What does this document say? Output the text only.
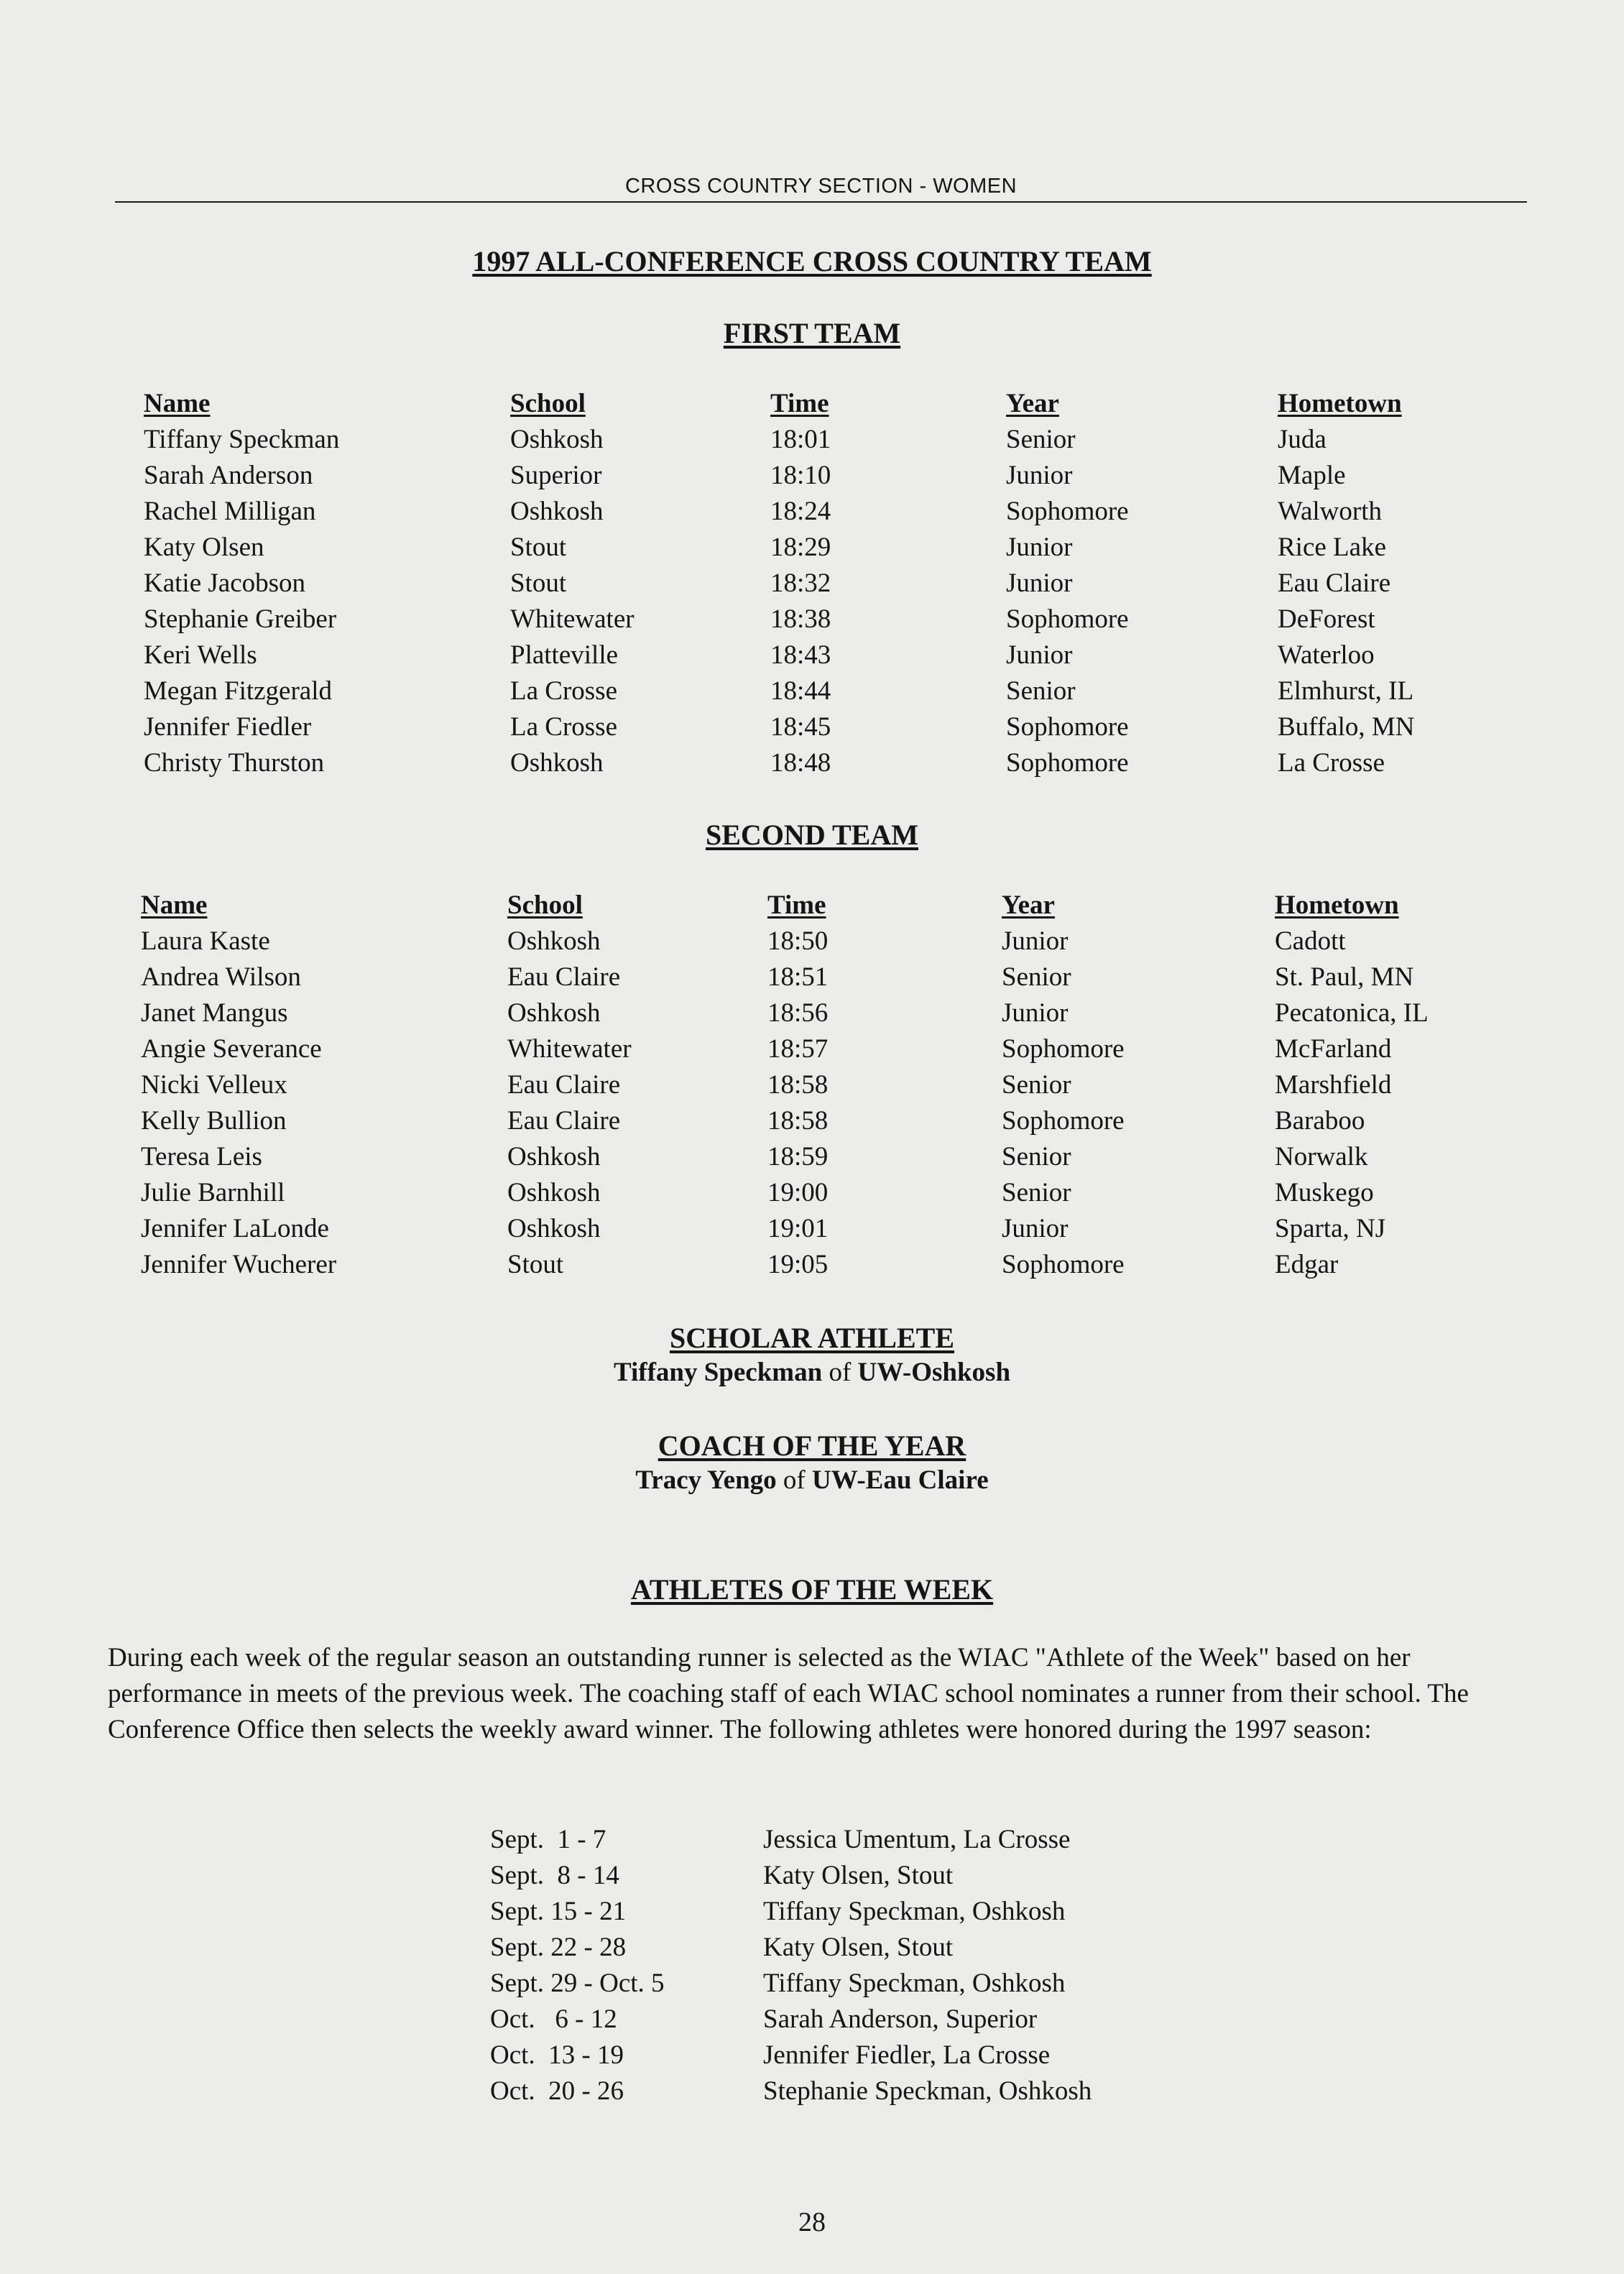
CROSS COUNTRY SECTION - WOMEN
1997 ALL-CONFERENCE CROSS COUNTRY TEAM
FIRST TEAM
Name	School	Time	Year	Hometown
Tiffany Speckman	Oshkosh	18:01	Senior	Juda
Sarah Anderson	Superior	18:10	Junior	Maple
Rachel Milligan	Oshkosh	18:24	Sophomore	Walworth
Katy Olsen	Stout	18:29	Junior	Rice Lake
Katie Jacobson	Stout	18:32	Junior	Eau Claire
Stephanie Greiber	Whitewater	18:38	Sophomore	DeForest
Keri Wells	Platteville	18:43	Junior	Waterloo
Megan Fitzgerald	La Crosse	18:44	Senior	Elmhurst, IL
Jennifer Fiedler	La Crosse	18:45	Sophomore	Buffalo, MN
Christy Thurston	Oshkosh	18:48	Sophomore	La Crosse
SECOND TEAM
Name	School	Time	Year	Hometown
Laura Kaste	Oshkosh	18:50	Junior	Cadott
Andrea Wilson	Eau Claire	18:51	Senior	St. Paul, MN
Janet Mangus	Oshkosh	18:56	Junior	Pecatonica, IL
Angie Severance	Whitewater	18:57	Sophomore	McFarland
Nicki Velleux	Eau Claire	18:58	Senior	Marshfield
Kelly Bullion	Eau Claire	18:58	Sophomore	Baraboo
Teresa Leis	Oshkosh	18:59	Senior	Norwalk
Julie Barnhill	Oshkosh	19:00	Senior	Muskego
Jennifer LaLonde	Oshkosh	19:01	Junior	Sparta, NJ
Jennifer Wucherer	Stout	19:05	Sophomore	Edgar
SCHOLAR ATHLETE
Tiffany Speckman of UW-Oshkosh
COACH OF THE YEAR
Tracy Yengo of UW-Eau Claire
ATHLETES OF THE WEEK
During each week of the regular season an outstanding runner is selected as the WIAC "Athlete of the Week" based on her performance in meets of the previous week. The coaching staff of each WIAC school nominates a runner from their school. The Conference Office then selects the weekly award winner. The following athletes were honored during the 1997 season:
Sept.  1 - 7	Jessica Umentum, La Crosse
Sept.  8 - 14	Katy Olsen, Stout
Sept. 15 - 21	Tiffany Speckman, Oshkosh
Sept. 22 - 28	Katy Olsen, Stout
Sept. 29 - Oct. 5	Tiffany Speckman, Oshkosh
Oct.   6 - 12	Sarah Anderson, Superior
Oct.  13 - 19	Jennifer Fiedler, La Crosse
Oct.  20 - 26	Stephanie Speckman, Oshkosh
28
